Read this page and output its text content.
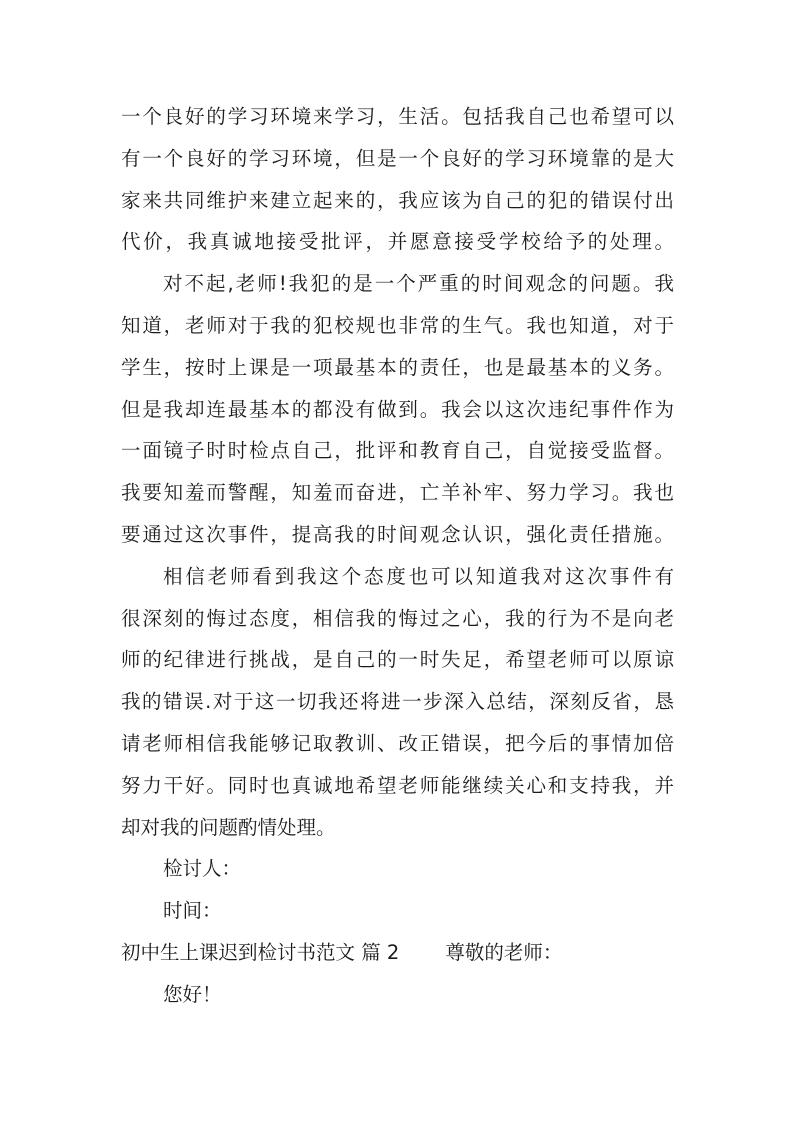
一个良好的学习环境来学习，生活。包括我自己也希望可以
有一个良好的学习环境，但是一个良好的学习环境靠的是大
家来共同维护来建立起来的，我应该为自己的犯的错误付出
代价，我真诚地接受批评，并愿意接受学校给予的处理。
对不起,老师!我犯的是一个严重的时间观念的问题。我
知道，老师对于我的犯校规也非常的生气。我也知道，对于
学生，按时上课是一项最基本的责任，也是最基本的义务。
但是我却连最基本的都没有做到。我会以这次违纪事件作为
一面镜子时时检点自己，批评和教育自己，自觉接受监督。
我要知羞而警醒，知羞而奋进，亡羊补牢、努力学习。我也
要通过这次事件，提高我的时间观念认识，强化责任措施。
相信老师看到我这个态度也可以知道我对这次事件有
很深刻的悔过态度，相信我的悔过之心，我的行为不是向老
师的纪律进行挑战，是自己的一时失足，希望老师可以原谅
我的错误.对于这一切我还将进一步深入总结，深刻反省，恳
请老师相信我能够记取教训、改正错误，把今后的事情加倍
努力干好。同时也真诚地希望老师能继续关心和支持我，并
却对我的问题酌情处理。
检讨人：
时间：
初中生上课迟到检讨书范文 篇 2 尊敬的老师：
您好！
